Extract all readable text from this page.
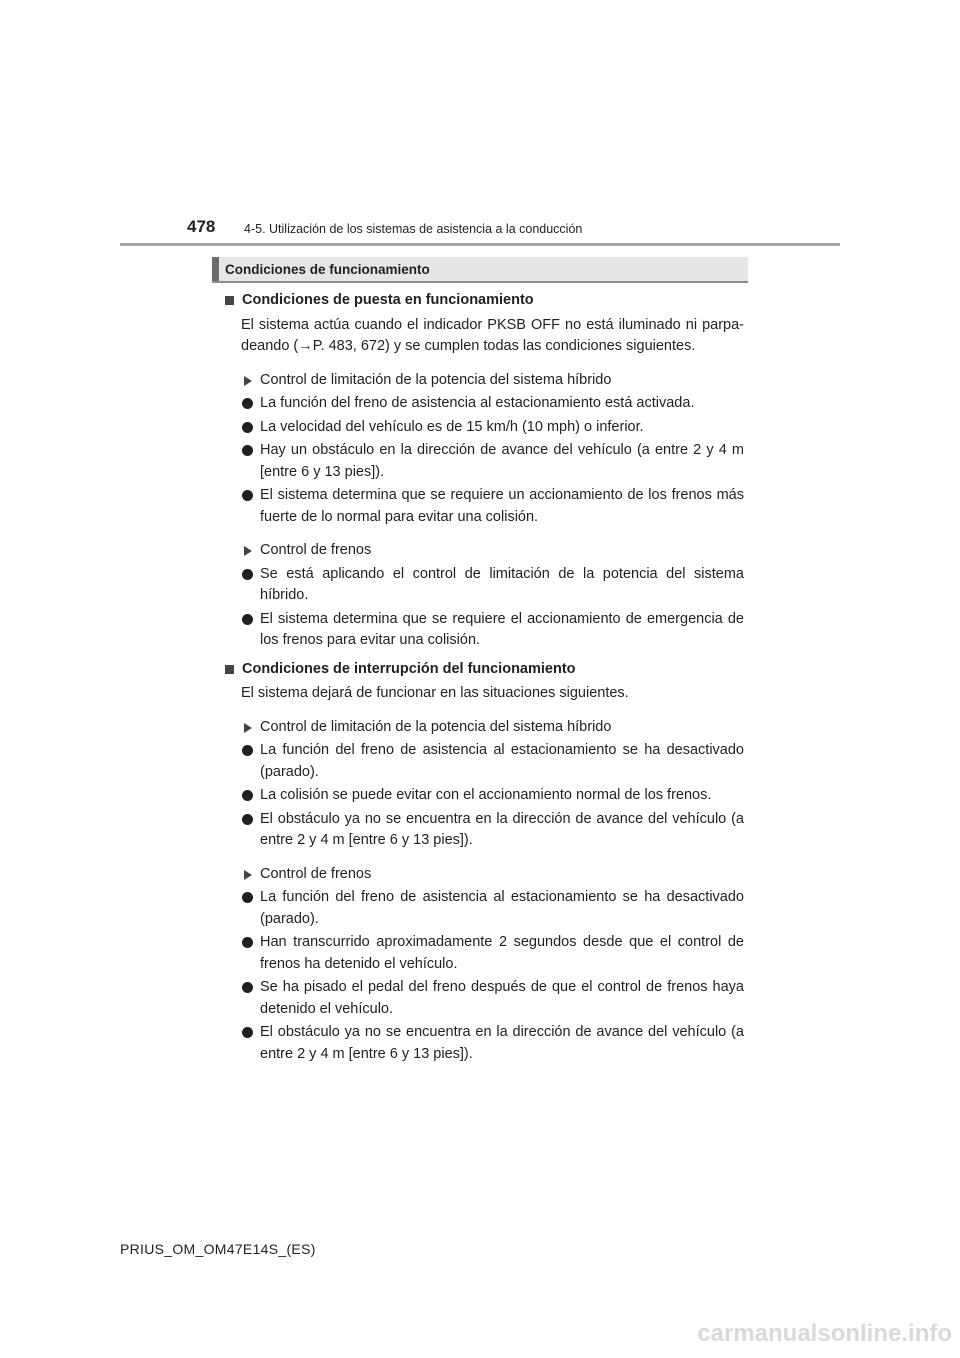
478 4-5. Utilización de los sistemas de asistencia a la conducción
Condiciones de funcionamiento
Condiciones de puesta en funcionamiento
El sistema actúa cuando el indicador PKSB OFF no está iluminado ni parpa-deando (→P. 483, 672) y se cumplen todas las condiciones siguientes.
Control de limitación de la potencia del sistema híbrido
La función del freno de asistencia al estacionamiento está activada.
La velocidad del vehículo es de 15 km/h (10 mph) o inferior.
Hay un obstáculo en la dirección de avance del vehículo (a entre 2 y 4 m [entre 6 y 13 pies]).
El sistema determina que se requiere un accionamiento de los frenos más fuerte de lo normal para evitar una colisión.
Control de frenos
Se está aplicando el control de limitación de la potencia del sistema híbrido.
El sistema determina que se requiere el accionamiento de emergencia de los frenos para evitar una colisión.
Condiciones de interrupción del funcionamiento
El sistema dejará de funcionar en las situaciones siguientes.
Control de limitación de la potencia del sistema híbrido
La función del freno de asistencia al estacionamiento se ha desactivado (parado).
La colisión se puede evitar con el accionamiento normal de los frenos.
El obstáculo ya no se encuentra en la dirección de avance del vehículo (a entre 2 y 4 m [entre 6 y 13 pies]).
Control de frenos
La función del freno de asistencia al estacionamiento se ha desactivado (parado).
Han transcurrido aproximadamente 2 segundos desde que el control de frenos ha detenido el vehículo.
Se ha pisado el pedal del freno después de que el control de frenos haya detenido el vehículo.
El obstáculo ya no se encuentra en la dirección de avance del vehículo (a entre 2 y 4 m [entre 6 y 13 pies]).
PRIUS_OM_OM47E14S_(ES)
carmanualsonline.info
